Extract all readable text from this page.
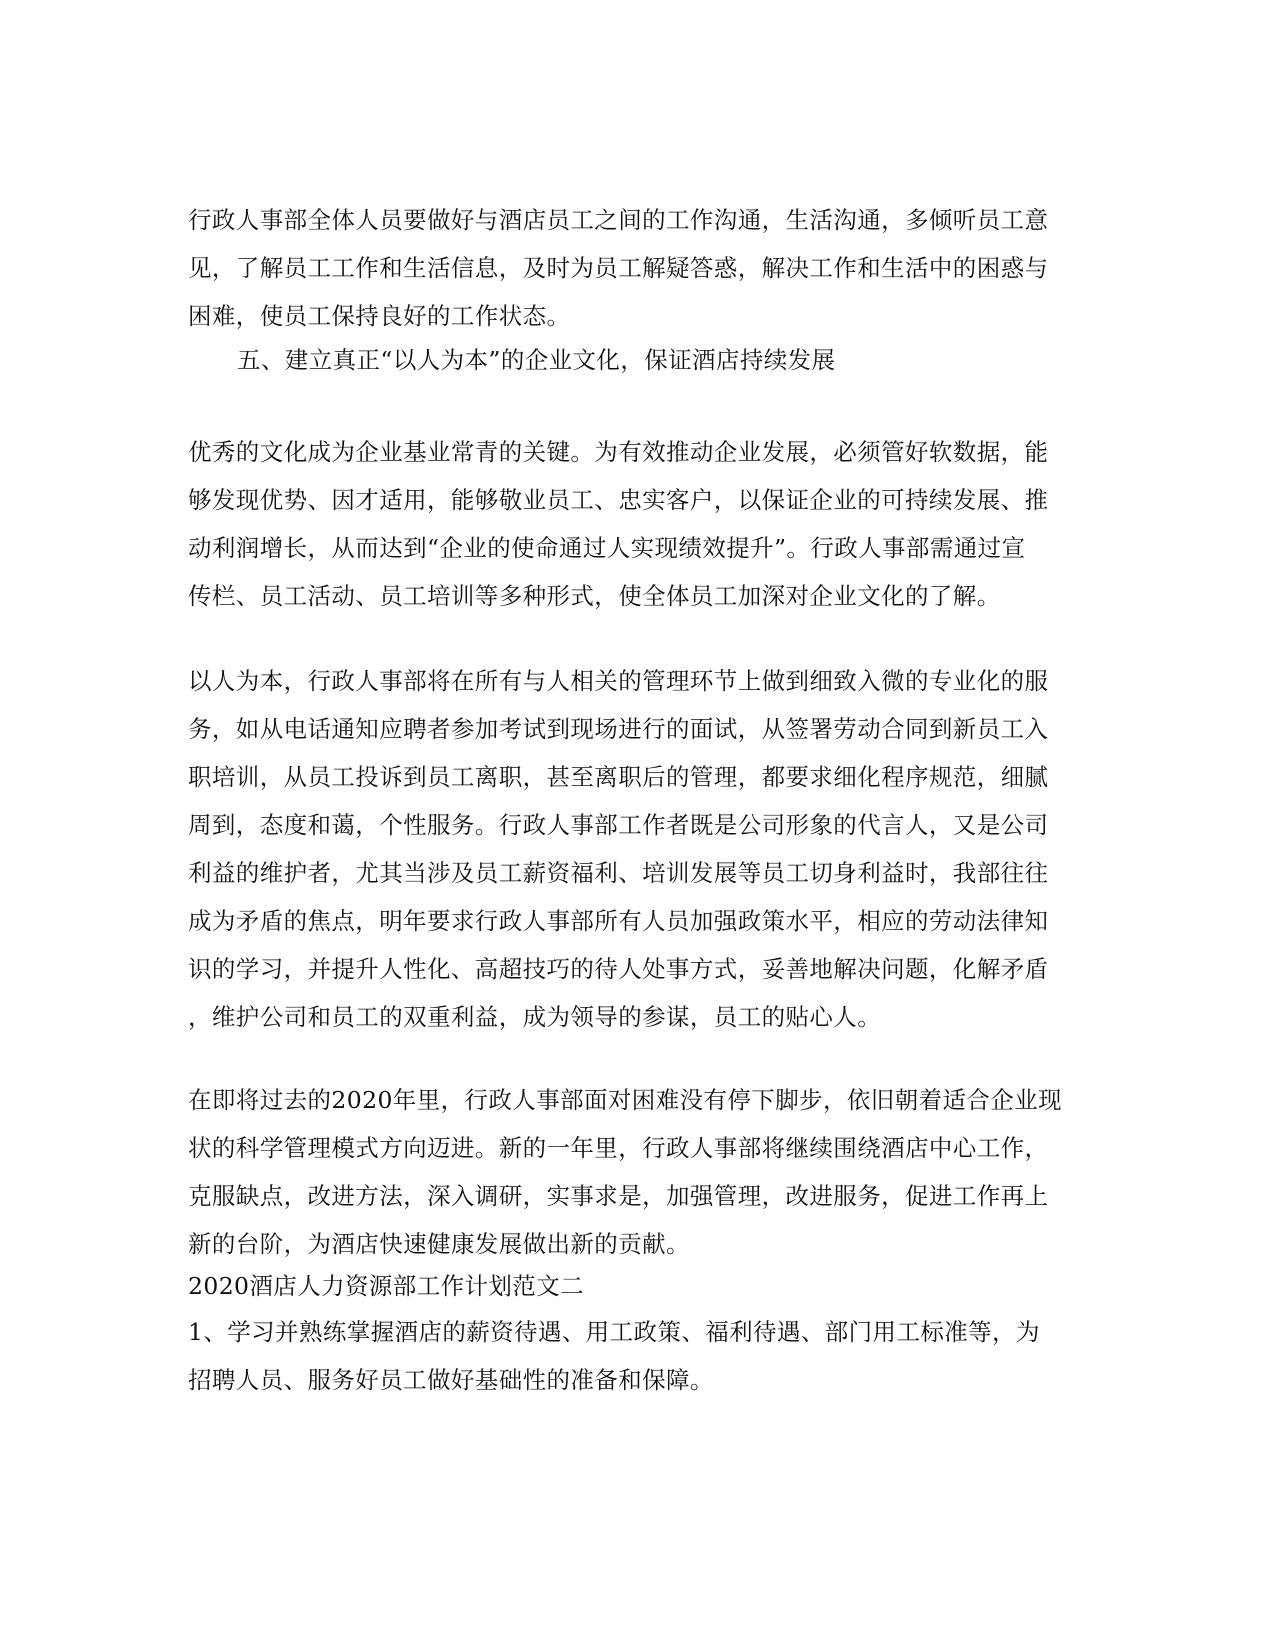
行政人事部全体人员要做好与酒店员工之间的工作沟通，生活沟通，多倾听员工意
见，了解员工工作和生活信息，及时为员工解疑答惑，解决工作和生活中的困惑与
困难，使员工保持良好的工作状态。
五、建立真正“以人为本”的企业文化，保证酒店持续发展
优秀的文化成为企业基业常青的关键。为有效推动企业发展，必须管好软数据，能
够发现优势、因才适用，能够敬业员工、忠实客户，以保证企业的可持续发展、推
动利润增长，从而达到“企业的使命通过人实现绩效提升”。行政人事部需通过宣
传栏、员工活动、员工培训等多种形式，使全体员工加深对企业文化的了解。
以人为本，行政人事部将在所有与人相关的管理环节上做到细致入微的专业化的服
务，如从电话通知应聘者参加考试到现场进行的面试，从签署劳动合同到新员工入
职培训，从员工投诉到员工离职，甚至离职后的管理，都要求细化程序规范，细腻
周到，态度和蔼，个性服务。行政人事部工作者既是公司形象的代言人，又是公司
利益的维护者，尤其当涉及员工薪资福利、培训发展等员工切身利益时，我部往往
成为矛盾的焦点，明年要求行政人事部所有人员加强政策水平，相应的劳动法律知
识的学习，并提升人性化、高超技巧的待人处事方式，妥善地解决问题，化解矛盾
，维护公司和员工的双重利益，成为领导的参谋，员工的贴心人。
在即将过去的2020年里，行政人事部面对困难没有停下脚步，依旧朝着适合企业现
状的科学管理模式方向迈进。新的一年里，行政人事部将继续围绕酒店中心工作，
克服缺点，改进方法，深入调研，实事求是，加强管理，改进服务，促进工作再上
新的台阶，为酒店快速健康发展做出新的贡献。
2020酒店人力资源部工作计划范文二
1、学习并熟练掌握酒店的薪资待遇、用工政策、福利待遇、部门用工标准等，为
招聘人员、服务好员工做好基础性的准备和保障。
